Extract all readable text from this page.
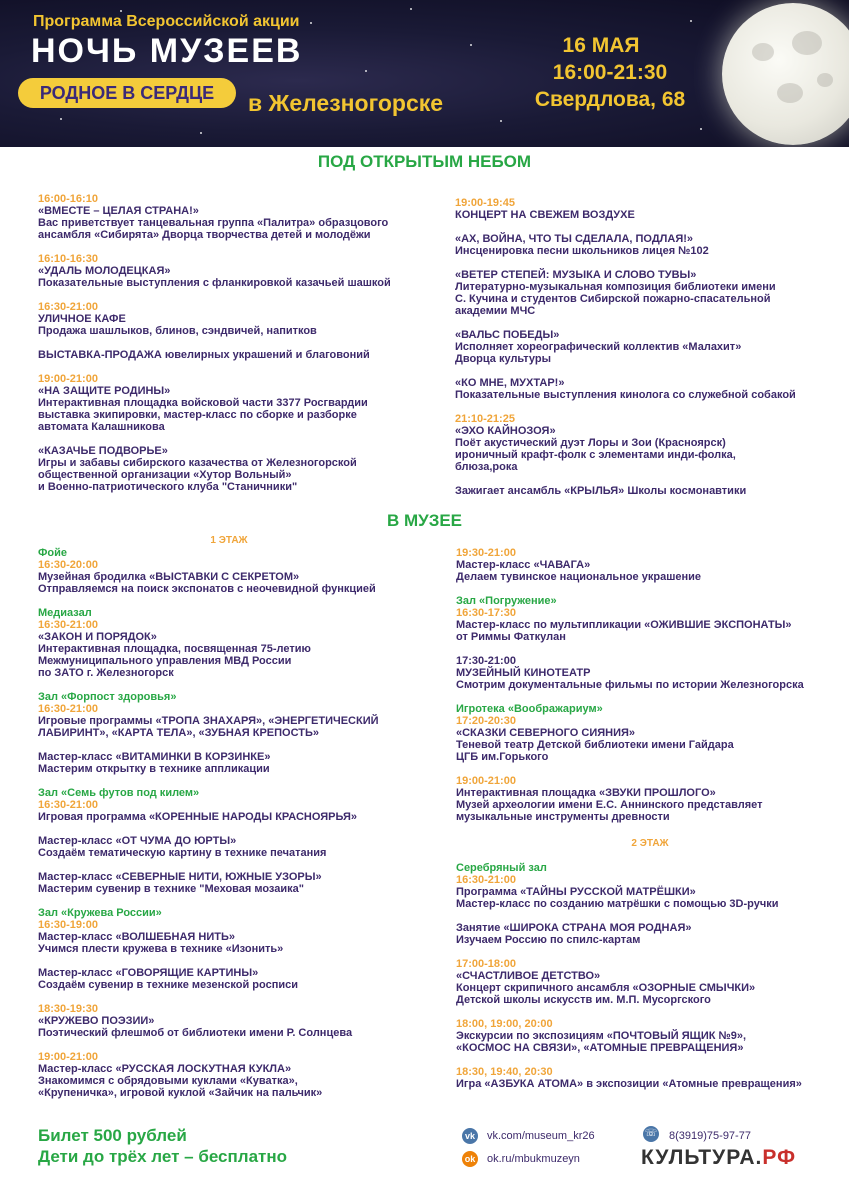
Программа Всероссийской акции
НОЧЬ МУЗЕЕВ
РОДНОЕ В СЕРДЦЕ	в Железногорске
16 МАЯ
16:00-21:30
Свердлова, 68
ПОД ОТКРЫТЫМ НЕБОМ
16:00-16:10
«ВМЕСТЕ – ЦЕЛАЯ СТРАНА!»
Вас приветствует танцевальная группа «Палитра» образцового
ансамбля «Сибирята» Дворца творчества детей и молодёжи
16:10-16:30
«УДАЛЬ МОЛОДЕЦКАЯ»
Показательные выступления с фланкировкой казачьей шашкой
16:30-21:00
УЛИЧНОЕ КАФЕ
Продажа шашлыков, блинов, сэндвичей, напитков
ВЫСТАВКА-ПРОДАЖА ювелирных украшений и благовоний
19:00-21:00
«НА ЗАЩИТЕ РОДИНЫ»
Интерактивная площадка войсковой части 3377 Росгвардии
выставка экипировки, мастер-класс по сборке и разборке
автомата Калашникова
«КАЗАЧЬЕ ПОДВОРЬЕ»
Игры и забавы сибирского казачества от Железногорской
общественной организации «Хутор Вольный»
и Военно-патриотического клуба "Станичники"
19:00-19:45
КОНЦЕРТ НА СВЕЖЕМ ВОЗДУХЕ
«АХ, ВОЙНА, ЧТО ТЫ СДЕЛАЛА, ПОДЛАЯ!»
Инсценировка песни школьников лицея №102
«ВЕТЕР СТЕПЕЙ: МУЗЫКА И СЛОВО ТУВЫ»
Литературно-музыкальная композиция библиотеки имени
С. Кучина и студентов Сибирской пожарно-спасательной
академии МЧС
«ВАЛЬС ПОБЕДЫ»
Исполняет хореографический коллектив «Малахит»
Дворца культуры
«КО МНЕ, МУХТАР!»
Показательные выступления кинолога со служебной собакой
21:10-21:25
«ЭХО КАЙНОЗОЯ»
Поёт акустический дуэт Лоры и Зои (Красноярск)
ироничный крафт-фолк с элементами инди-фолка,
блюза,рока
Зажигает ансамбль «КРЫЛЬЯ» Школы космонавтики
В МУЗЕЕ
1 ЭТАЖ
Фойе
16:30-20:00
Музейная бродилка «ВЫСТАВКИ С СЕКРЕТОМ»
Отправляемся на поиск экспонатов с неочевидной функцией
Медиазал
16:30-21:00
«ЗАКОН И ПОРЯДОК»
Интерактивная площадка, посвященная 75-летию
Межмуниципального управления МВД России
по ЗАТО г. Железногорск
Зал «Форпост здоровья»
16:30-21:00
Игровые программы «ТРОПА ЗНАХАРЯ», «ЭНЕРГЕТИЧЕСКИЙ
ЛАБИРИНТ», «КАРТА ТЕЛА», «ЗУБНАЯ КРЕПОСТЬ»
Мастер-класс «ВИТАМИНКИ В КОРЗИНКЕ»
Мастерим открытку в технике аппликации
Зал «Семь футов под килем»
16:30-21:00
Игровая программа «КОРЕННЫЕ НАРОДЫ КРАСНОЯРЬЯ»
Мастер-класс «ОТ ЧУМА ДО ЮРТЫ»
Создаём тематическую картину в технике печатания
Мастер-класс «СЕВЕРНЫЕ НИТИ, ЮЖНЫЕ УЗОРЫ»
Мастерим сувенир в технике "Меховая мозаика"
Зал «Кружева России»
16:30-19:00
Мастер-класс «ВОЛШЕБНАЯ НИТЬ»
Учимся плести кружева в технике «Изонить»
Мастер-класс «ГОВОРЯЩИЕ КАРТИНЫ»
Создаём сувенир в технике мезенской росписи
18:30-19:30
«КРУЖЕВО ПОЭЗИИ»
Поэтический флешмоб от библиотеки имени Р. Солнцева
19:00-21:00
Мастер-класс «РУССКАЯ ЛОСКУТНАЯ КУКЛА»
Знакомимся с обрядовыми куклами «Куватка»,
«Крупеничка», игровой куклой «Зайчик на пальчик»
19:30-21:00
Мастер-класс «ЧАВАГА»
Делаем тувинское национальное украшение
Зал «Погружение»
16:30-17:30
Мастер-класс по мультипликации «ОЖИВШИЕ ЭКСПОНАТЫ»
от Риммы Фаткулан
17:30-21:00
МУЗЕЙНЫЙ КИНОТЕАТР
Смотрим документальные фильмы по истории Железногорска
Игротека «Воображариум»
17:20-20:30
«СКАЗКИ СЕВЕРНОГО СИЯНИЯ»
Теневой театр Детской библиотеки имени Гайдара
ЦГБ им.Горького
19:00-21:00
Интерактивная площадка «ЗВУКИ ПРОШЛОГО»
Музей археологии имени Е.С. Аннинского представляет
музыкальные инструменты древности
2 ЭТАЖ
Серебряный зал
16:30-21:00
Программа «ТАЙНЫ РУССКОЙ МАТРЁШКИ»
Мастер-класс по созданию матрёшки с помощью 3D-ручки
Занятие «ШИРОКА СТРАНА МОЯ РОДНАЯ»
Изучаем Россию по спилс-картам
17:00-18:00
«СЧАСТЛИВОЕ ДЕТСТВО»
Концерт скрипичного ансамбля «ОЗОРНЫЕ СМЫЧКИ»
Детской школы искусств им. М.П. Мусоргского
18:00, 19:00, 20:00
Экскурсии по экспозициям «ПОЧТОВЫЙ ЯЩИК №9»,
«КОСМОС НА СВЯЗИ», «АТОМНЫЕ ПРЕВРАЩЕНИЯ»
18:30, 19:40, 20:30
Игра «АЗБУКА АТОМА» в экспозиции «Атомные превращения»
Билет 500 рублей
Дети до трёх лет – бесплатно
vk vk.com/museum_kr26
ok ok.ru/mbukmuzeyn
☏ 8(3919)75-97-77
КУЛЬТУРА.РФ
